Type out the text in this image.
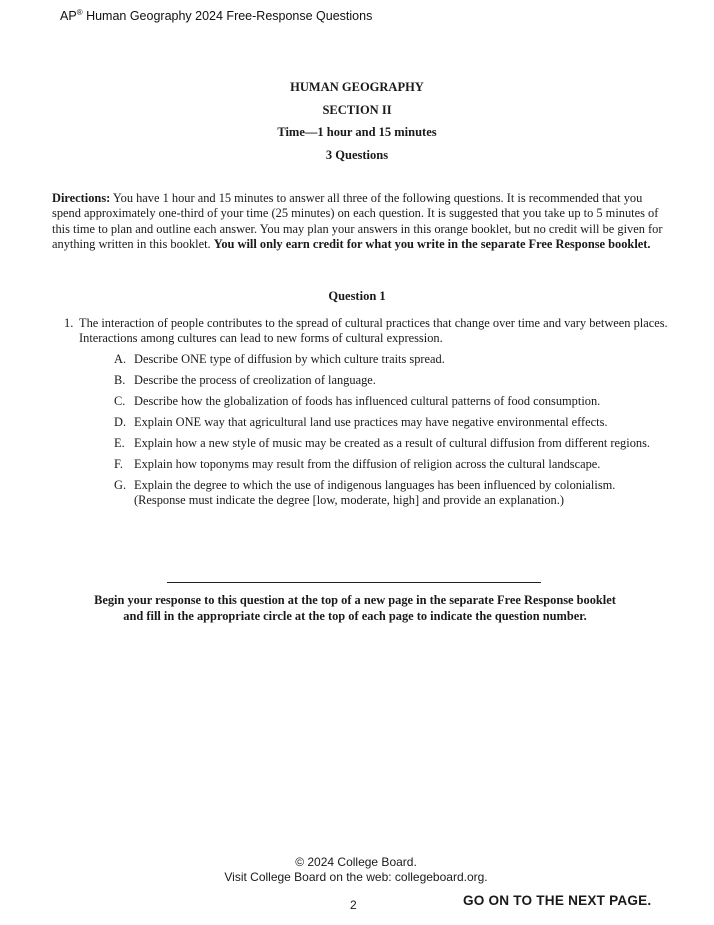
AP® Human Geography 2024 Free-Response Questions
HUMAN GEOGRAPHY
SECTION II
Time—1 hour and 15 minutes
3 Questions
Directions: You have 1 hour and 15 minutes to answer all three of the following questions. It is recommended that you spend approximately one-third of your time (25 minutes) on each question. It is suggested that you take up to 5 minutes of this time to plan and outline each answer. You may plan your answers in this orange booklet, but no credit will be given for anything written in this booklet. You will only earn credit for what you write in the separate Free Response booklet.
Question 1
1. The interaction of people contributes to the spread of cultural practices that change over time and vary between places. Interactions among cultures can lead to new forms of cultural expression.
A. Describe ONE type of diffusion by which culture traits spread.
B. Describe the process of creolization of language.
C. Describe how the globalization of foods has influenced cultural patterns of food consumption.
D. Explain ONE way that agricultural land use practices may have negative environmental effects.
E. Explain how a new style of music may be created as a result of cultural diffusion from different regions.
F. Explain how toponyms may result from the diffusion of religion across the cultural landscape.
G. Explain the degree to which the use of indigenous languages has been influenced by colonialism. (Response must indicate the degree [low, moderate, high] and provide an explanation.)
Begin your response to this question at the top of a new page in the separate Free Response booklet
and fill in the appropriate circle at the top of each page to indicate the question number.
© 2024 College Board.
Visit College Board on the web: collegeboard.org.
2	GO ON TO THE NEXT PAGE.
